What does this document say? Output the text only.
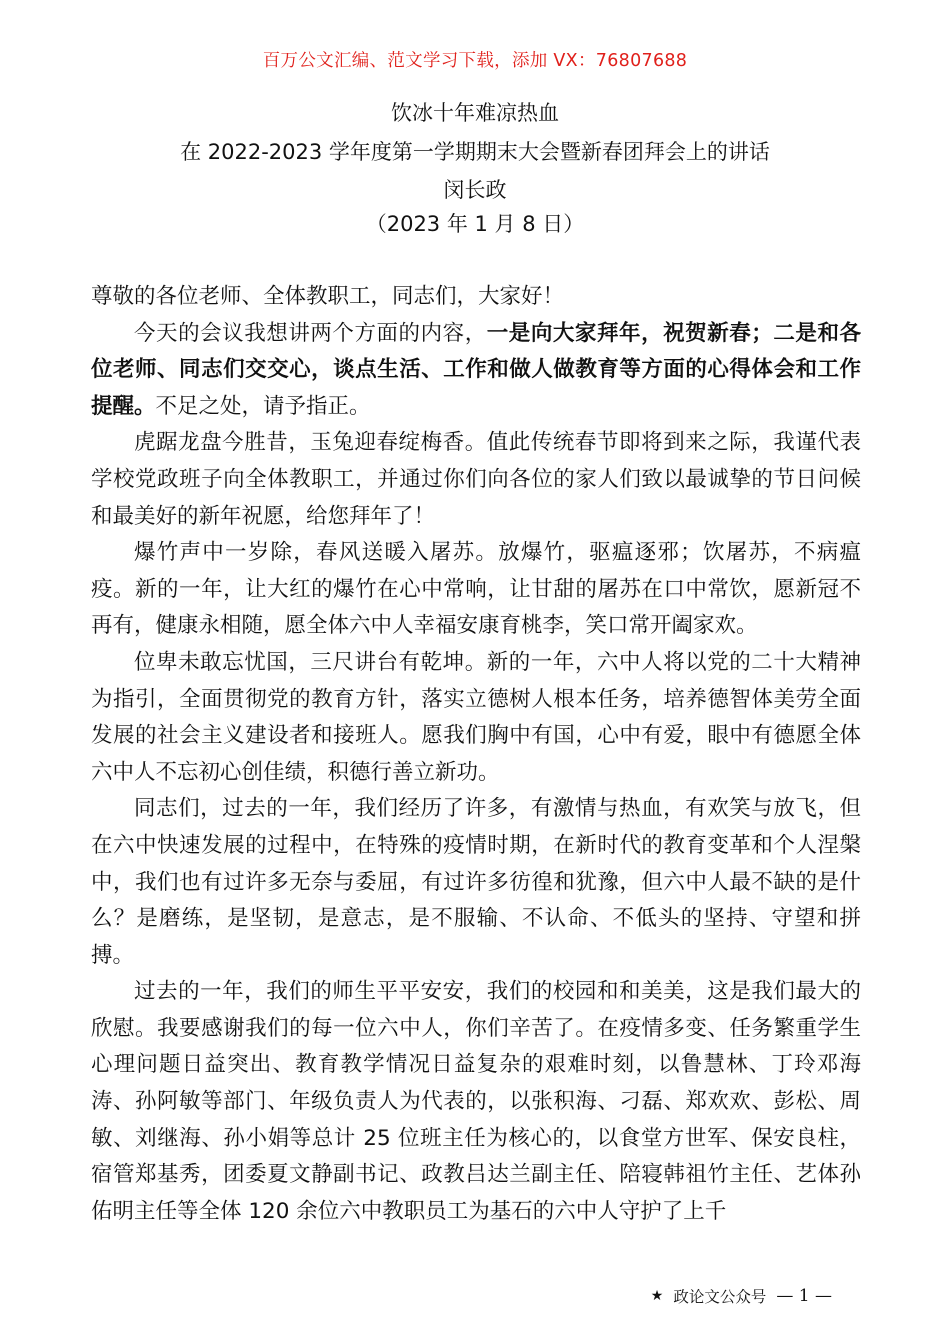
百万公文汇编、范文学习下载，添加 VX：76807688
饮冰十年难凉热血
在 2022-2023 学年度第一学期期末大会暨新春团拜会上的讲话
闵长政
（2023 年 1 月 8 日）

尊敬的各位老师、全体教职工，同志们，大家好！

今天的会议我想讲两个方面的内容，一是向大家拜年，祝贺新春；二是和各位老师、同志们交交心，谈点生活、工作和做人做教育等方面的心得体会和工作提醒。不足之处，请予指正。

虎踞龙盘今胜昔，玉兔迎春绽梅香。值此传统春节即将到来之际，我谨代表学校党政班子向全体教职工，并通过你们向各位的家人们致以最诚挚的节日问候和最美好的新年祝愿，给您拜年了！

爆竹声中一岁除，春风送暖入屠苏。放爆竹，驱瘟逐邪；饮屠苏，不病瘟疫。新的一年，让大红的爆竹在心中常响，让甘甜的屠苏在口中常饮，愿新冠不再有，健康永相随，愿全体六中人幸福安康育桃李，笑口常开阖家欢。

位卑未敢忘忧国，三尺讲台有乾坤。新的一年，六中人将以党的二十大精神为指引，全面贯彻党的教育方针，落实立德树人根本任务，培养德智体美劳全面发展的社会主义建设者和接班人。愿我们胸中有国，心中有爱，眼中有德愿全体六中人不忘初心创佳绩，积德行善立新功。

同志们，过去的一年，我们经历了许多，有激情与热血，有欢笑与放飞，但在六中快速发展的过程中，在特殊的疫情时期，在新时代的教育变革和个人涅槃中，我们也有过许多无奈与委屈，有过许多彷徨和犹豫，但六中人最不缺的是什么？是磨练，是坚韧，是意志，是不服输、不认命、不低头的坚持、守望和拼搏。

过去的一年，我们的师生平平安安，我们的校园和和美美，这是我们最大的欣慰。我要感谢我们的每一位六中人，你们辛苦了。在疫情多变、任务繁重学生心理问题日益突出、教育教学情况日益复杂的艰难时刻，以鲁慧林、丁玲邓海涛、孙阿敏等部门、年级负责人为代表的，以张积海、刁磊、郑欢欢、彭松、周敏、刘继海、孙小娟等总计 25 位班主任为核心的，以食堂方世军、保安良柱，宿管郑基秀，团委夏文静副书记、政教吕达兰副主任、陪寝韩祖竹主任、艺体孙佑明主任等全体 120 余位六中教职员工为基石的六中人守护了上千

★ 政论文公众号 — 1 —
